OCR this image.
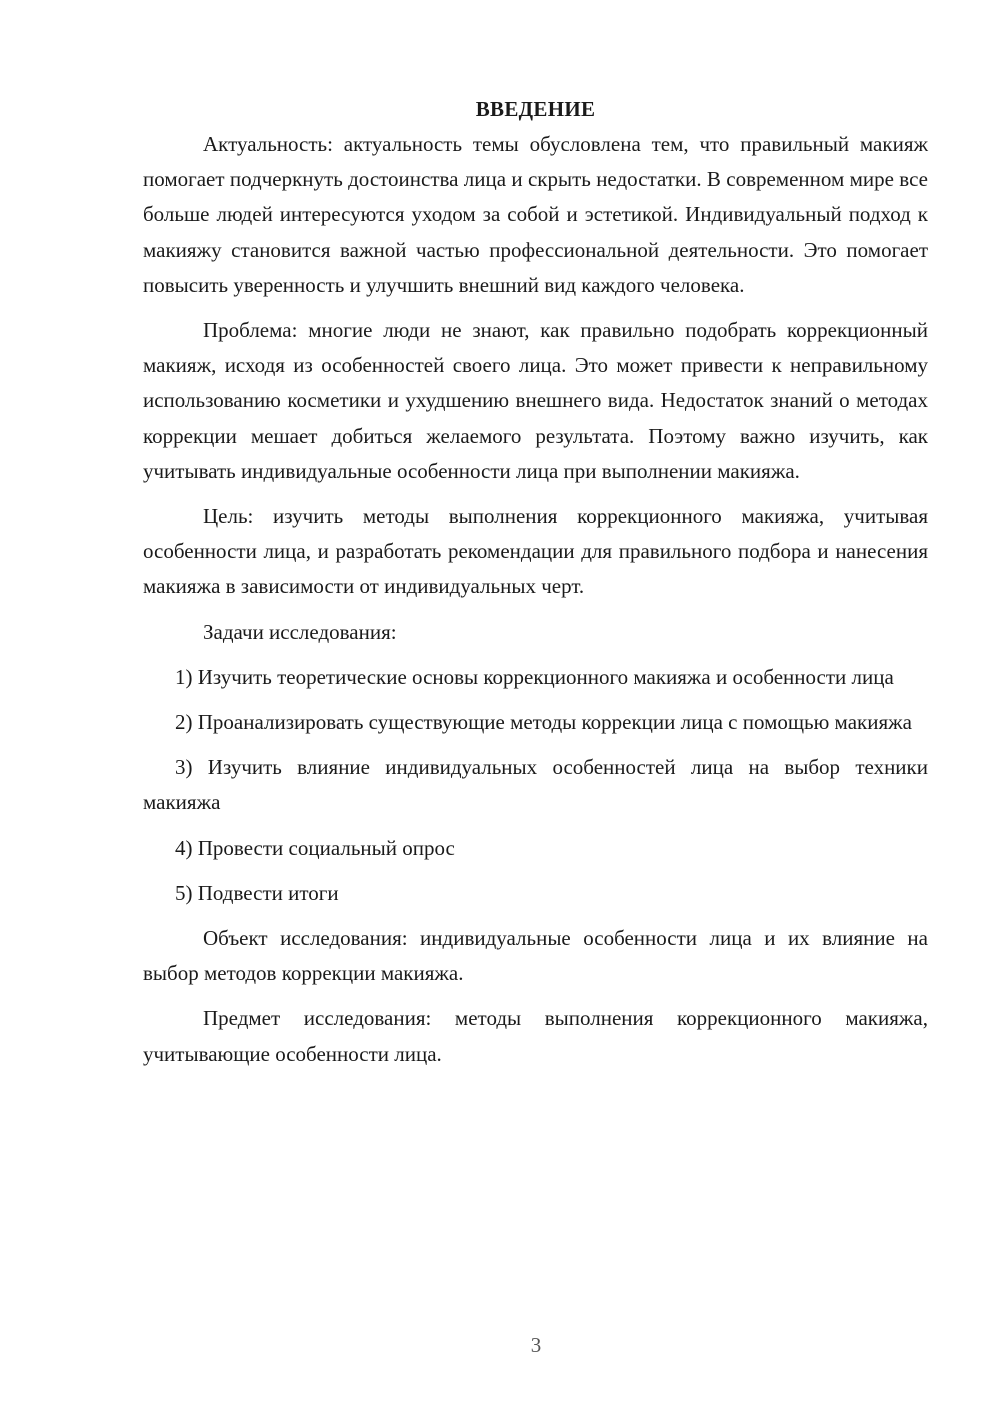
ВВЕДЕНИЕ

Актуальность: актуальность темы обусловлена тем, что правильный макияж помогает подчеркнуть достоинства лица и скрыть недостатки. В современном мире все больше людей интересуются уходом за собой и эстетикой. Индивидуальный подход к макияжу становится важной частью профессиональной деятельности. Это помогает повысить уверенность и улучшить внешний вид каждого человека.

Проблема: многие люди не знают, как правильно подобрать коррекционный макияж, исходя из особенностей своего лица. Это может привести к неправильному использованию косметики и ухудшению внешнего вида. Недостаток знаний о методах коррекции мешает добиться желаемого результата. Поэтому важно изучить, как учитывать индивидуальные особенности лица при выполнении макияжа.

Цель: изучить методы выполнения коррекционного макияжа, учитывая особенности лица, и разработать рекомендации для правильного подбора и нанесения макияжа в зависимости от индивидуальных черт.

Задачи исследования:

1) Изучить теоретические основы коррекционного макияжа и особенности лица

2) Проанализировать существующие методы коррекции лица с помощью макияжа

3) Изучить влияние индивидуальных особенностей лица на выбор техники макияжа

4) Провести социальный опрос

5) Подвести итоги

Объект исследования: индивидуальные особенности лица и их влияние на выбор методов коррекции макияжа.

Предмет исследования: методы выполнения коррекционного макияжа, учитывающие особенности лица.

3
